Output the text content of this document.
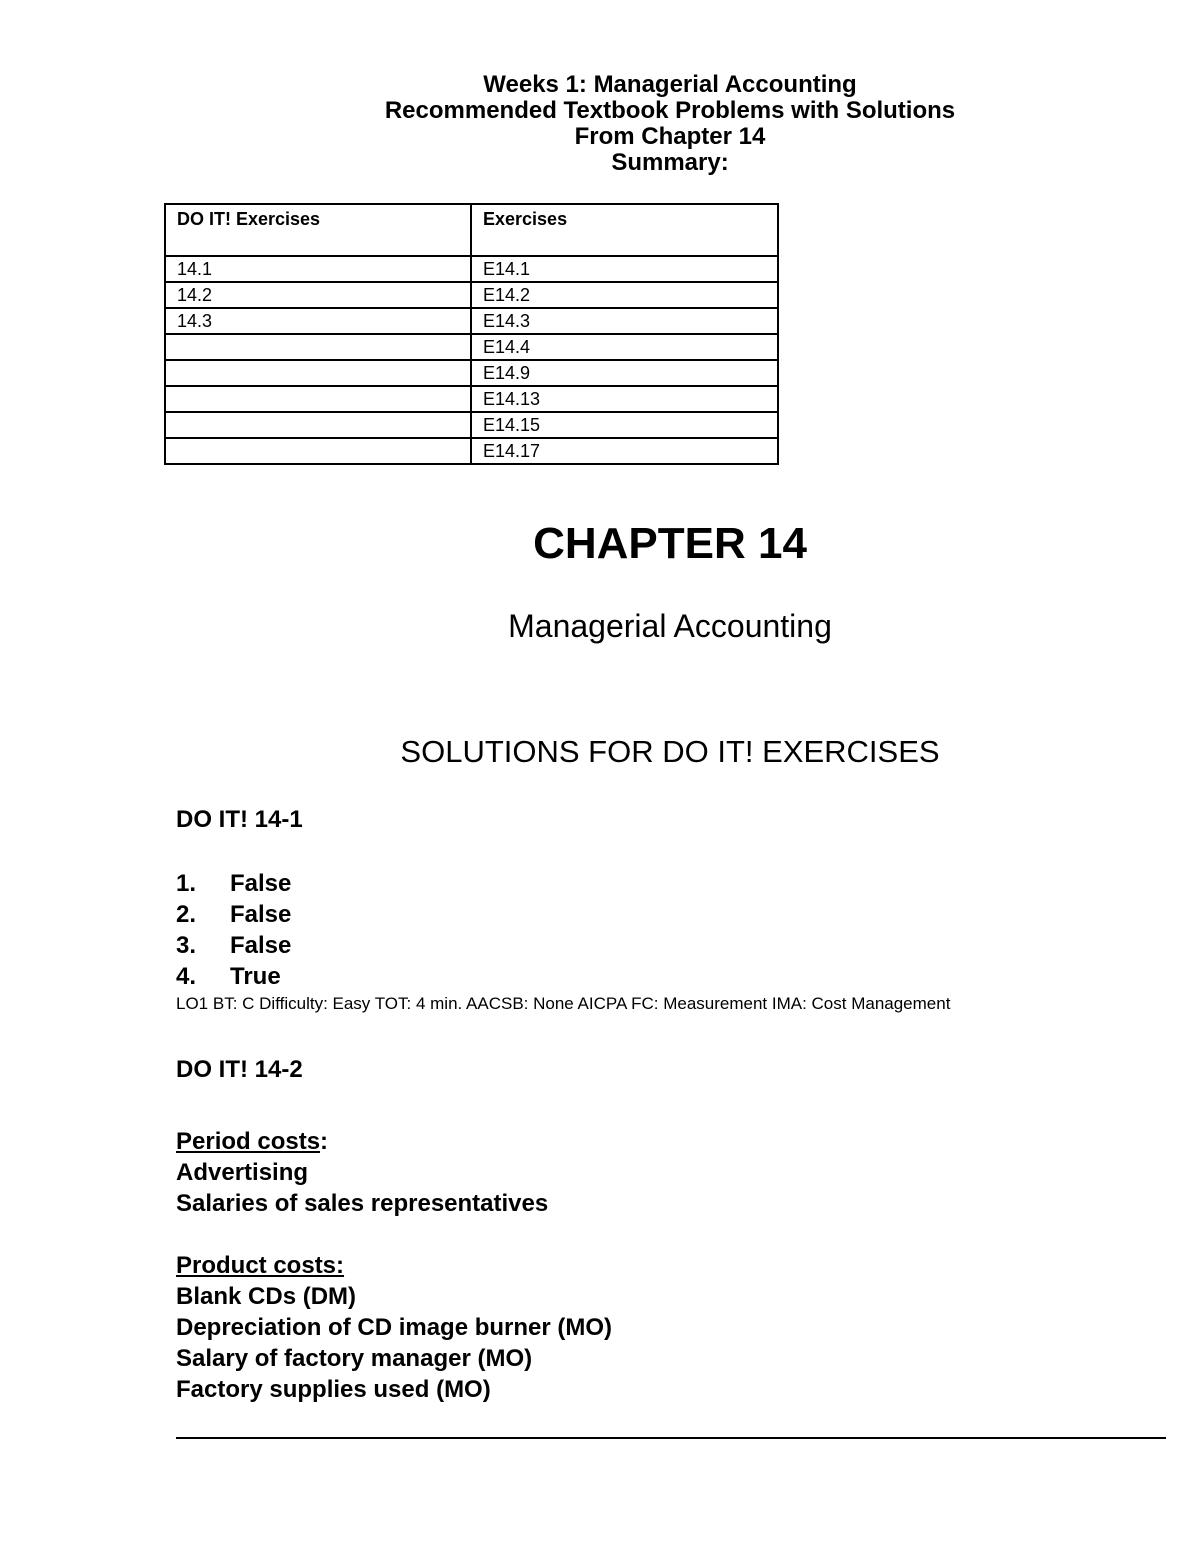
Weeks 1: Managerial Accounting
Recommended Textbook Problems with Solutions
From Chapter 14
Summary:
DO IT! Exercises	Exercises
14.1	E14.1
14.2	E14.2
14.3	E14.3
	E14.4
	E14.9
	E14.13
	E14.15
	E14.17
CHAPTER 14
Managerial Accounting
SOLUTIONS FOR DO IT! EXERCISES
DO IT! 14-1
1.	False
2.	False
3.	False
4.	True
LO1 BT: C Difficulty: Easy TOT: 4 min. AACSB: None AICPA FC: Measurement IMA: Cost Management
DO IT! 14-2
Period costs:
Advertising
Salaries of sales representatives
Product costs:
Blank CDs (DM)
Depreciation of CD image burner (MO)
Salary of factory manager (MO)
Factory supplies used (MO)
